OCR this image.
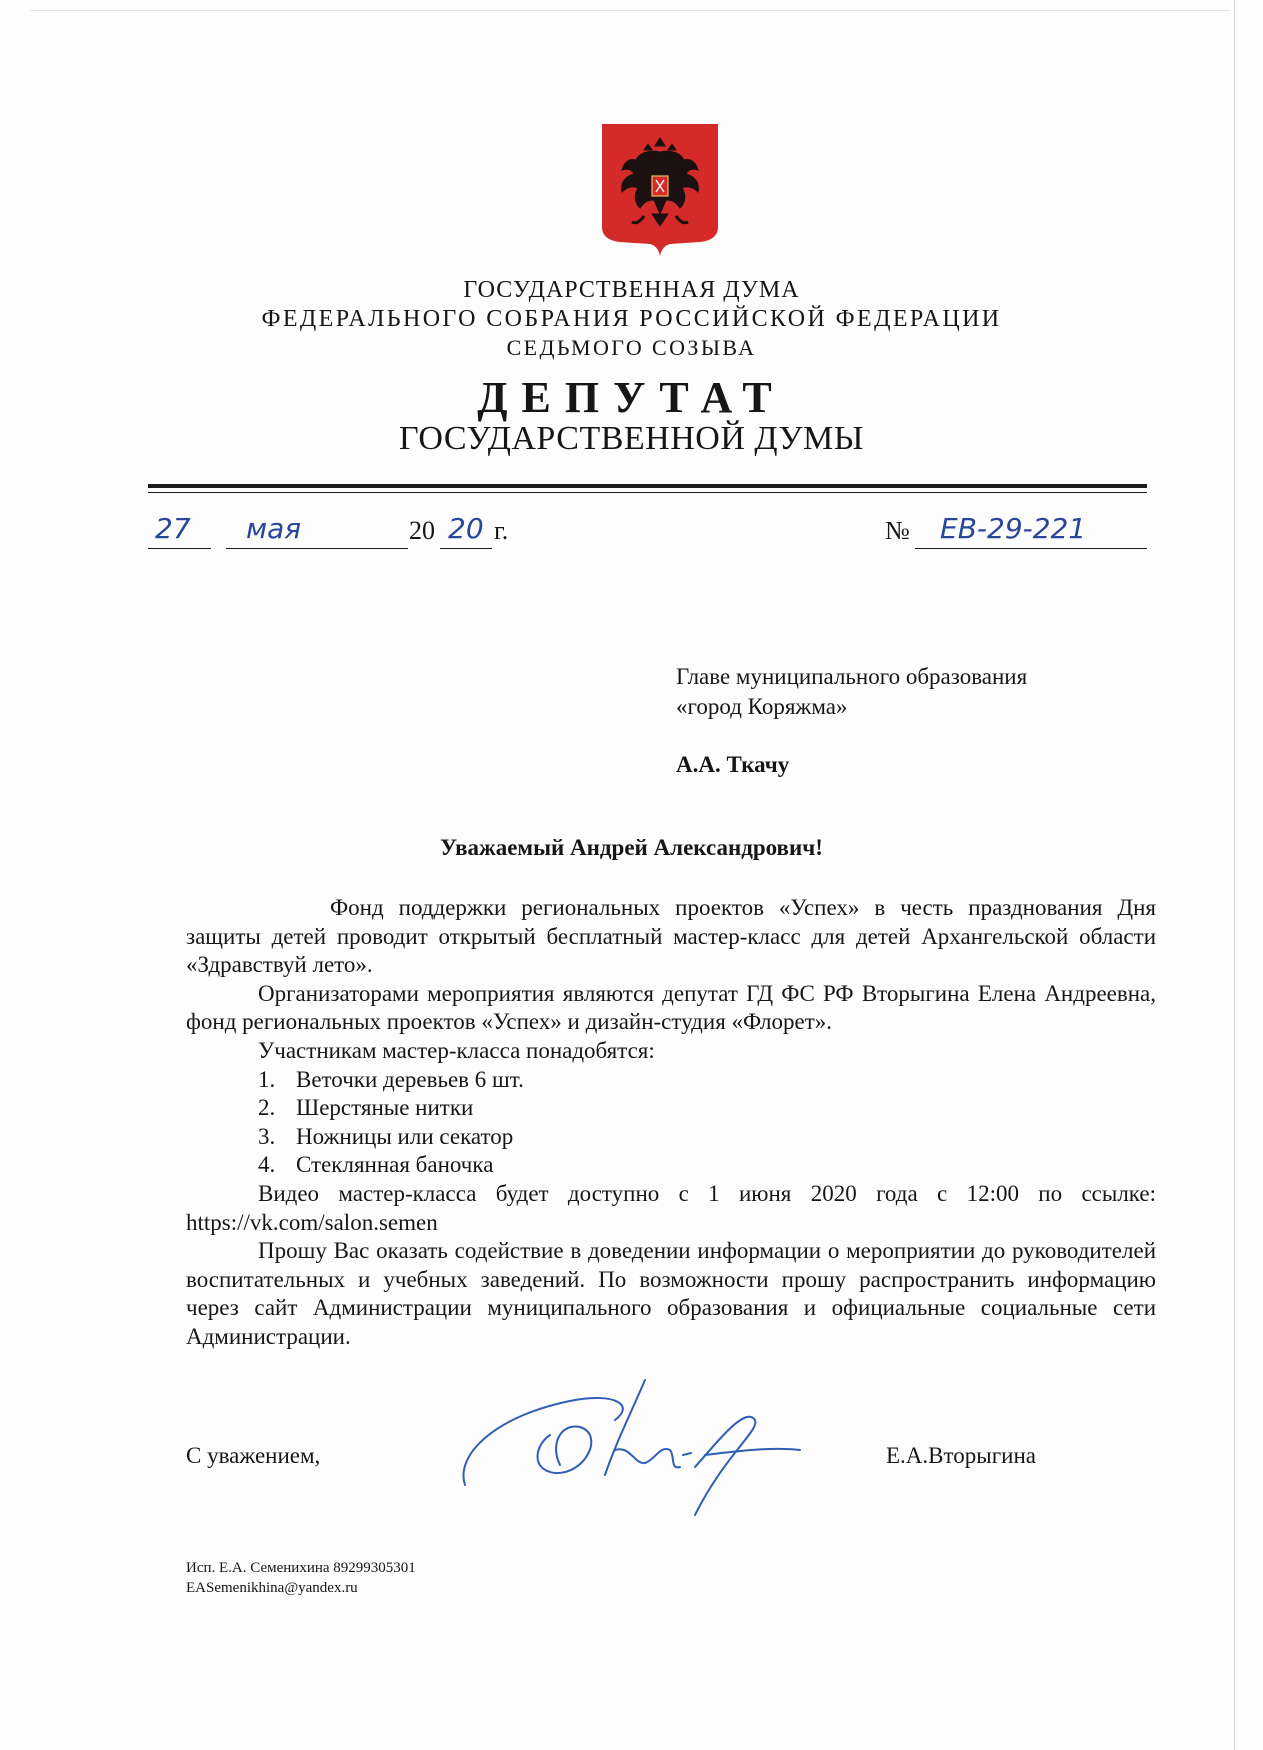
ГОСУДАРСТВЕННАЯ ДУМА
ФЕДЕРАЛЬНОГО СОБРАНИЯ РОССИЙСКОЙ ФЕДЕРАЦИИ
СЕДЬМОГО СОЗЫВА
ДЕПУТАТ
ГОСУДАРСТВЕННОЙ ДУМЫ
27 мая	20 20 г.	№ ЕВ-29-221
Главе муниципального образования
«город Коряжма»
А.А. Ткачу
Уважаемый Андрей Александрович!

Фонд поддержки региональных проектов «Успех» в честь празднования Дня защиты детей проводит открытый бесплатный мастер-класс для детей Архангельской области «Здравствуй лето».

Организаторами мероприятия являются депутат ГД ФС РФ Вторыгина Елена Андреевна, фонд региональных проектов «Успех» и дизайн-студия «Флорет».

Участникам мастер-класса понадобятся:

1. Веточки деревьев 6 шт.
2. Шерстяные нитки
3. Ножницы или секатор
4. Стеклянная баночка

Видео мастер-класса будет доступно с 1 июня 2020 года с 12:00 по ссылке: https://vk.com/salon.semen

Прошу Вас оказать содействие в доведении информации о мероприятии до руководителей воспитательных и учебных заведений. По возможности прошу распространить информацию через сайт Администрации муниципального образования и официальные социальные сети Администрации.

С уважением,	Е.А.Вторыгина
Исп. Е.А. Семенихина 89299305301
EASemenikhina@yandex.ru
